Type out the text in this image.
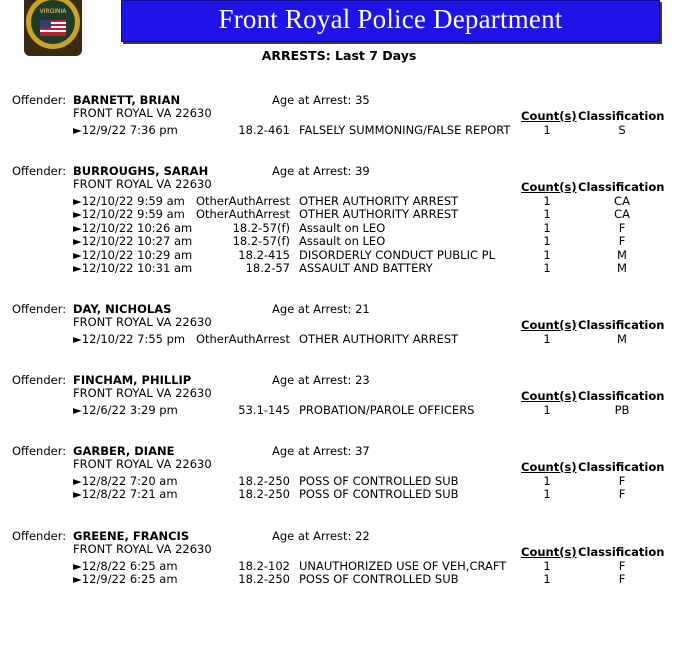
Front Royal Police Department
VIRGINIA
ARRESTS: Last 7 Days
Offender: BARNETT, BRIAN
FRONT ROYAL VA 22630
Age at Arrest: 35
Count(s) Classification
►12/9/22 7:36 pm	18.2-461 FALSELY SUMMONING/FALSE REPORT	1	S
Offender: BURROUGHS, SARAH
FRONT ROYAL VA 22630
Age at Arrest: 39
Count(s) Classification
►12/10/22 9:59 am OtherAuthArrest OTHER AUTHORITY ARREST	1	CA
►12/10/22 9:59 am OtherAuthArrest OTHER AUTHORITY ARREST	1	CA
►12/10/22 10:26 am	18.2-57(f) Assault on LEO	1	F
►12/10/22 10:27 am	18.2-57(f) Assault on LEO	1	F
►12/10/22 10:29 am	18.2-415 DISORDERLY CONDUCT PUBLIC PL	1	M
►12/10/22 10:31 am	18.2-57 ASSAULT AND BATTERY	1	M
Offender: DAY, NICHOLAS
FRONT ROYAL VA 22630
Age at Arrest: 21
Count(s) Classification
►12/10/22 7:55 pm OtherAuthArrest OTHER AUTHORITY ARREST	1	M
Offender: FINCHAM, PHILLIP
FRONT ROYAL VA 22630
Age at Arrest: 23
Count(s) Classification
►12/6/22 3:29 pm	53.1-145 PROBATION/PAROLE OFFICERS	1	PB
Offender: GARBER, DIANE
FRONT ROYAL VA 22630
Age at Arrest: 37
Count(s) Classification
►12/8/22 7:20 am	18.2-250 POSS OF CONTROLLED SUB	1	F
►12/8/22 7:21 am	18.2-250 POSS OF CONTROLLED SUB	1	F
Offender: GREENE, FRANCIS
FRONT ROYAL VA 22630
Age at Arrest: 22
Count(s) Classification
►12/8/22 6:25 am	18.2-102 UNAUTHORIZED USE OF VEH,CRAFT	1	F
►12/9/22 6:25 am	18.2-250 POSS OF CONTROLLED SUB	1	F
